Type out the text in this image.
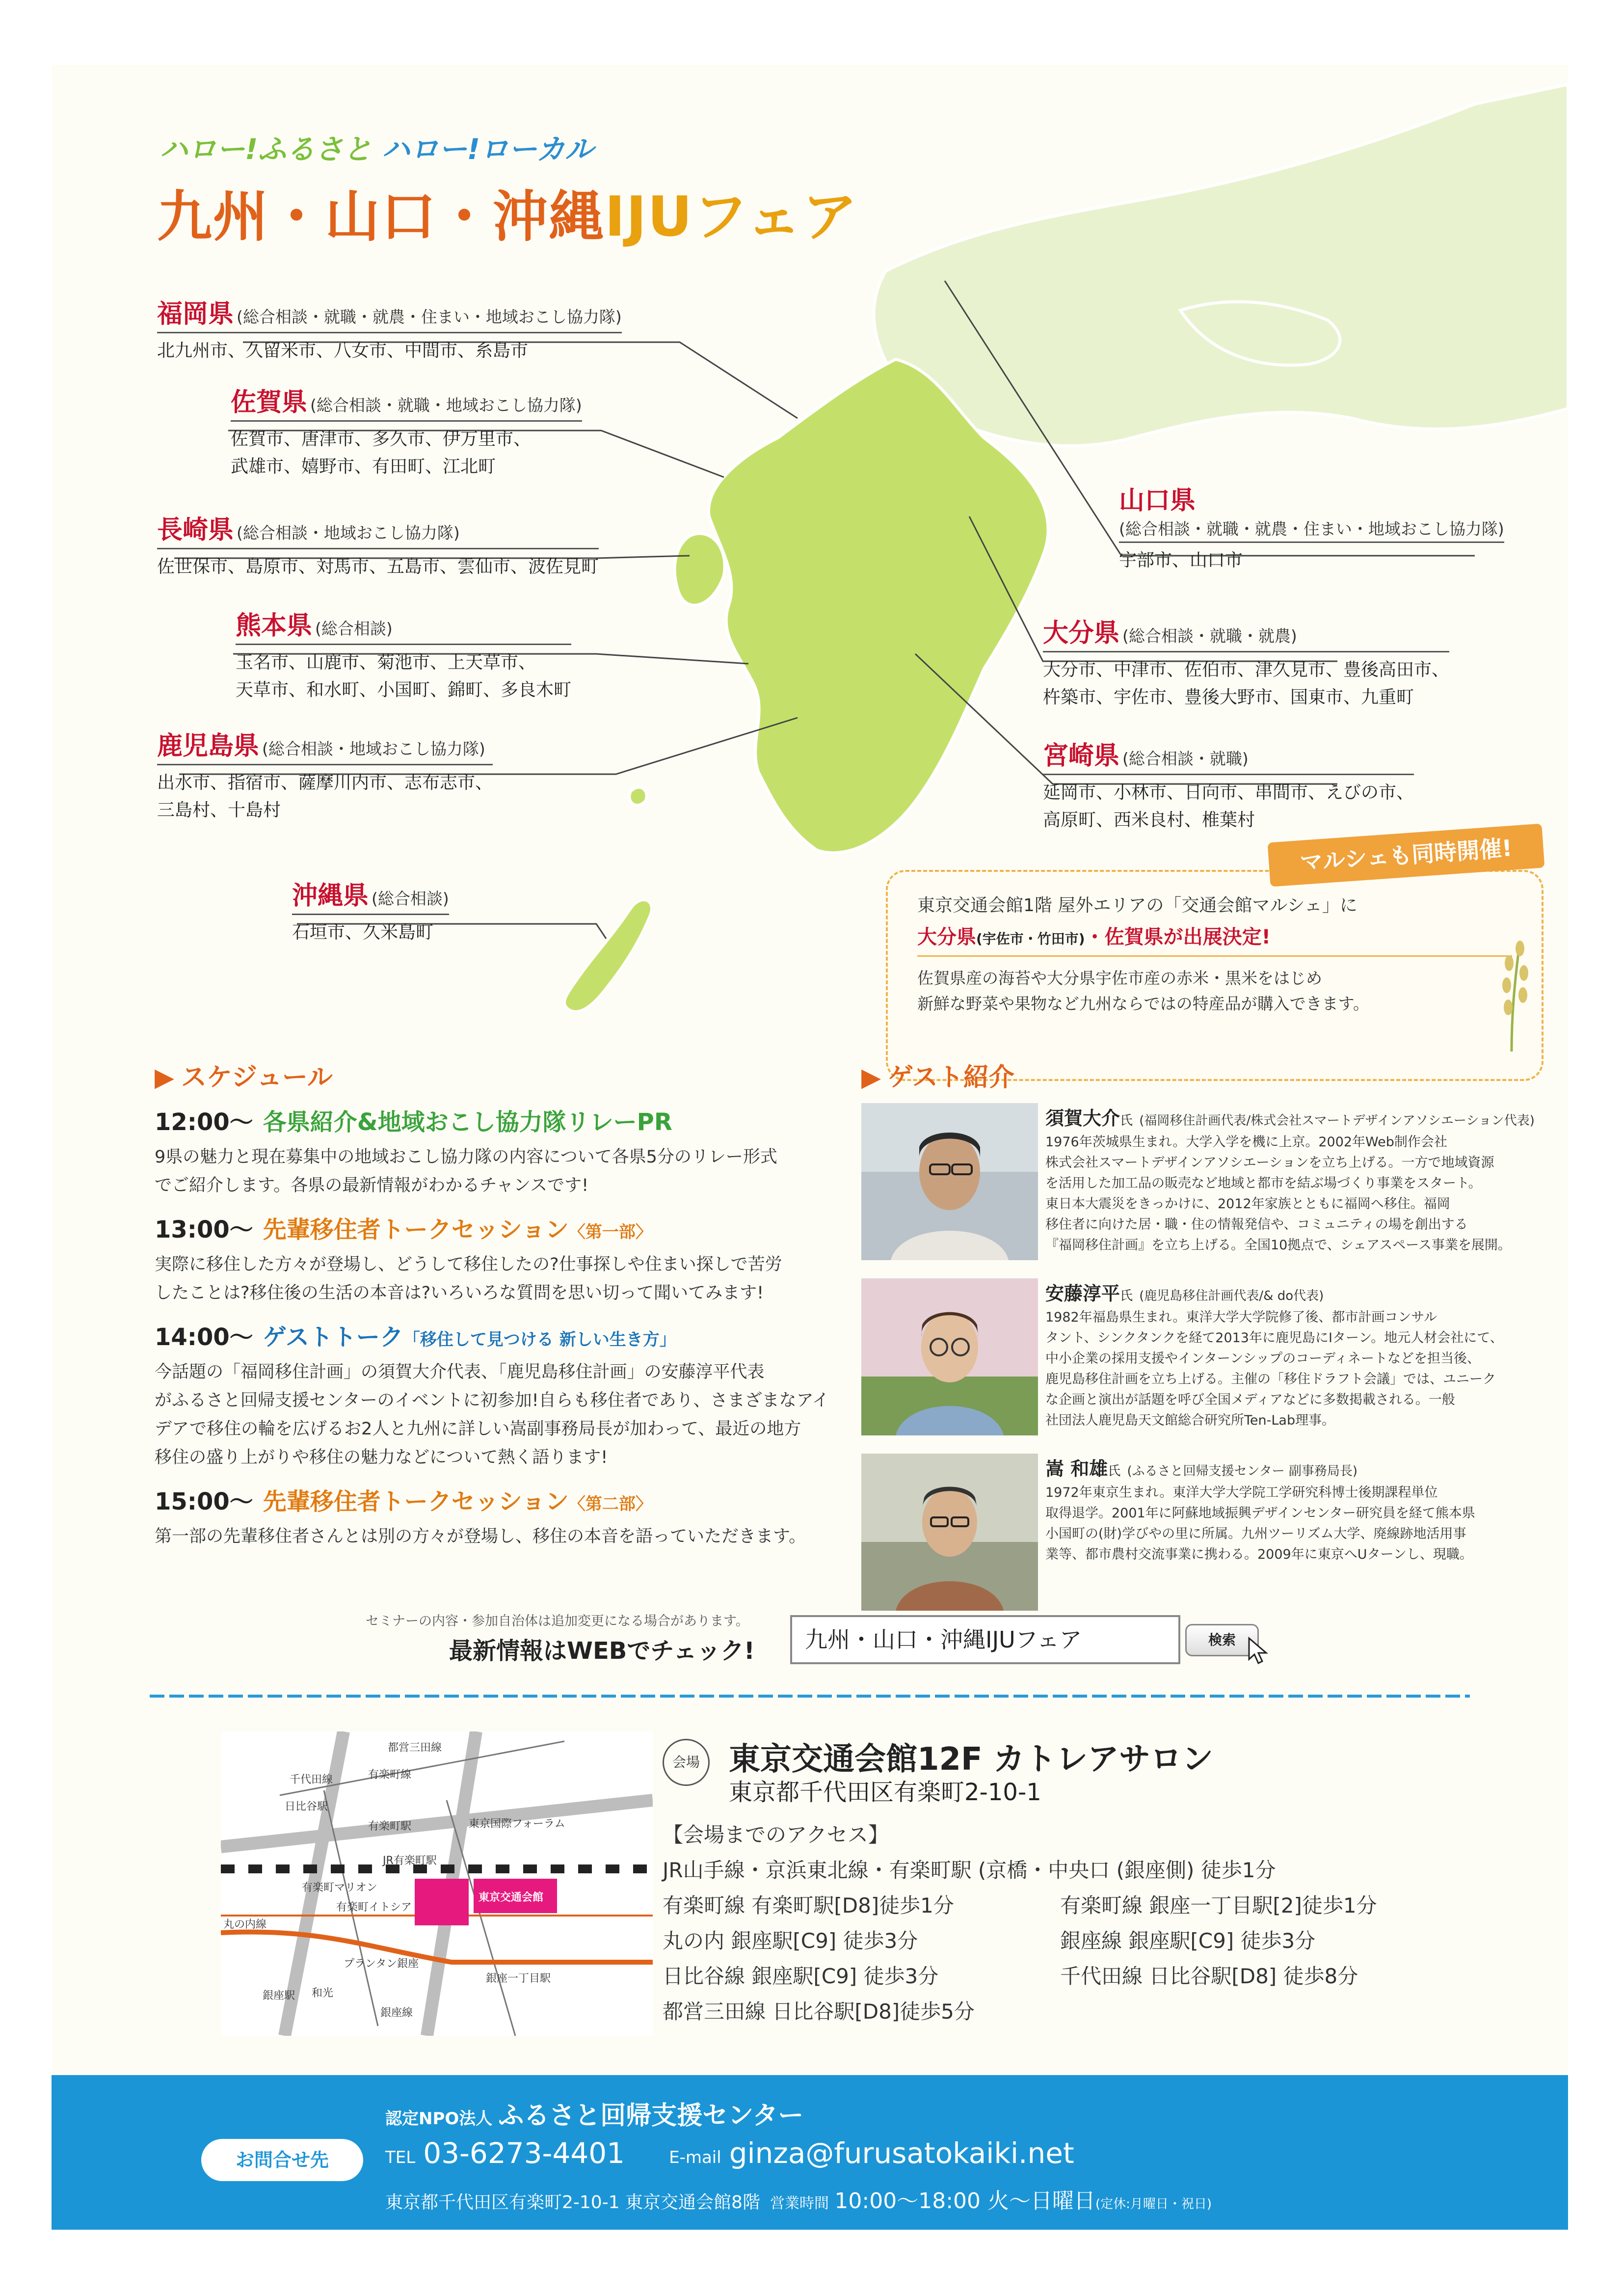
ハロー!ふるさと ハロー!ローカル
九州・山口・沖縄IJUフェア
福岡県 (総合相談・就職・就農・住まい・地域おこし協力隊)
北九州市、久留米市、八女市、中間市、糸島市
佐賀県 (総合相談・就職・地域おこし協力隊)
佐賀市、唐津市、多久市、伊万里市、
武雄市、嬉野市、有田町、江北町
長崎県 (総合相談・地域おこし協力隊)
佐世保市、島原市、対馬市、五島市、雲仙市、波佐見町
熊本県 (総合相談)
玉名市、山鹿市、菊池市、上天草市、
天草市、和水町、小国町、錦町、多良木町
鹿児島県 (総合相談・地域おこし協力隊)
出水市、指宿市、薩摩川内市、志布志市、
三島村、十島村
沖縄県 (総合相談)
石垣市、久米島町
山口県
(総合相談・就職・就農・住まい・地域おこし協力隊)
宇部市、山口市
大分県 (総合相談・就職・就農)
大分市、中津市、佐伯市、津久見市、豊後高田市、
杵築市、宇佐市、豊後大野市、国東市、九重町
宮崎県 (総合相談・就職)
延岡市、小林市、日向市、串間市、えびの市、
高原町、西米良村、椎葉村
東京交通会館1階 屋外エリアの「交通会館マルシェ」に
大分県(宇佐市・竹田市)・佐賀県が出展決定!
佐賀県産の海苔や大分県宇佐市産の赤米・黒米をはじめ
新鮮な野菜や果物など九州ならではの特産品が購入できます。
マルシェも同時開催!
▶ スケジュール
12:00〜 各県紹介&地域おこし協力隊リレーPR
9県の魅力と現在募集中の地域おこし協力隊の内容について各県5分のリレー形式
でご紹介します。各県の最新情報がわかるチャンスです!
13:00〜 先輩移住者トークセッション〈第一部〉
実際に移住した方々が登場し、どうして移住したの?仕事探しや住まい探しで苦労
したことは?移住後の生活の本音は?いろいろな質問を思い切って聞いてみます!
14:00〜 ゲストトーク「移住して見つける 新しい生き方」
今話題の「福岡移住計画」の須賀大介代表、「鹿児島移住計画」の安藤淳平代表
がふるさと回帰支援センターのイベントに初参加!自らも移住者であり、さまざまなアイ
デアで移住の輪を広げるお2人と九州に詳しい嵩副事務局長が加わって、最近の地方
移住の盛り上がりや移住の魅力などについて熱く語ります!
15:00〜 先輩移住者トークセッション〈第二部〉
第一部の先輩移住者さんとは別の方々が登場し、移住の本音を語っていただきます。
▶ ゲスト紹介
須賀大介氏 (福岡移住計画代表/株式会社スマートデザインアソシエーション代表)
1976年茨城県生まれ。大学入学を機に上京。2002年Web制作会社
株式会社スマートデザインアソシエーションを立ち上げる。一方で地域資源
を活用した加工品の販売など地域と都市を結ぶ場づくり事業をスタート。
東日本大震災をきっかけに、2012年家族とともに福岡へ移住。福岡
移住者に向けた居・職・住の情報発信や、コミュニティの場を創出する
『福岡移住計画』を立ち上げる。全国10拠点で、シェアスペース事業を展開。
安藤淳平氏 (鹿児島移住計画代表/& do代表)
1982年福島県生まれ。東洋大学大学院修了後、都市計画コンサル
タント、シンクタンクを経て2013年に鹿児島にIターン。地元人材会社にて、
中小企業の採用支援やインターンシップのコーディネートなどを担当後、
鹿児島移住計画を立ち上げる。主催の「移住ドラフト会議」では、ユニーク
な企画と演出が話題を呼び全国メディアなどに多数掲載される。一般
社団法人鹿児島天文館総合研究所Ten-Lab理事。
嵩 和雄氏 (ふるさと回帰支援センター 副事務局長)
1972年東京生まれ。東洋大学大学院工学研究科博士後期課程単位
取得退学。2001年に阿蘇地域振興デザインセンター研究員を経て熊本県
小国町の(財)学びやの里に所属。九州ツーリズム大学、廃線跡地活用事
業等、都市農村交流事業に携わる。2009年に東京へUターンし、現職。
セミナーの内容・参加自治体は追加変更になる場合があります。
最新情報はWEBでチェック!	九州・山口・沖縄IJUフェア	検索
都営三田線
千代田線
日比谷駅
有楽町線
有楽町駅	東京国際フォーラム
JR有楽町駅
有楽町マリオン
有楽町イトシア
東京交通会館
丸の内線
銀座駅
プランタン銀座
和光
銀座線
銀座一丁目駅
会場 東京交通会館12F カトレアサロン
東京都千代田区有楽町2-10-1
【会場までのアクセス】
JR山手線・京浜東北線・有楽町駅 (京橋・中央口 (銀座側) 徒歩1分
有楽町線 有楽町駅[D8]徒歩1分	有楽町線 銀座一丁目駅[2]徒歩1分
丸の内 銀座駅[C9] 徒歩3分	銀座線 銀座駅[C9] 徒歩3分
日比谷線 銀座駅[C9] 徒歩3分	千代田線 日比谷駅[D8] 徒歩8分
都営三田線 日比谷駅[D8]徒歩5分
お問合せ先
認定NPO法人 ふるさと回帰支援センター
TEL 03-6273-4401	E-mail ginza@furusatokaiki.net
東京都千代田区有楽町2-10-1 東京交通会館8階 営業時間 10:00〜18:00 火〜日曜日(定休:月曜日・祝日)
